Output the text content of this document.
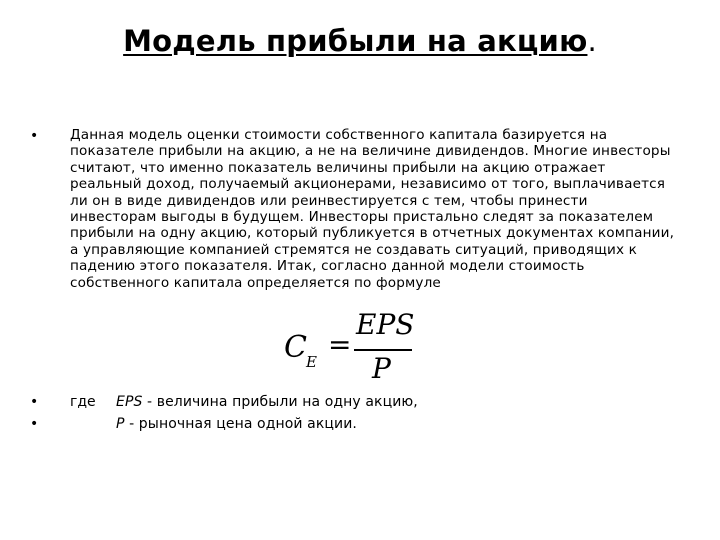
Модель прибыли на акцию.
• Данная модель оценки стоимости собственного капитала базируется на показателе прибыли на акцию, а не на величине дивидендов. Многие инвесторы считают, что именно показатель величины прибыли на акцию отражает реальный доход, получаемый акционерами, независимо от того, выплачивается ли он в виде дивидендов или реинвестируется с тем, чтобы принести инвесторам выгоды в будущем. Инвесторы пристально следят за показателем прибыли на одну акцию, который публикуется в отчетных документах компании, а управляющие компанией стремятся не создавать ситуаций, приводящих к падению этого показателя. Итак, согласно данной модели стоимость собственного капитала определяется по формуле
C E
=
EPS
P
•
•
где EPS - величина прибыли на одну акцию,
P - рыночная цена одной акции.
